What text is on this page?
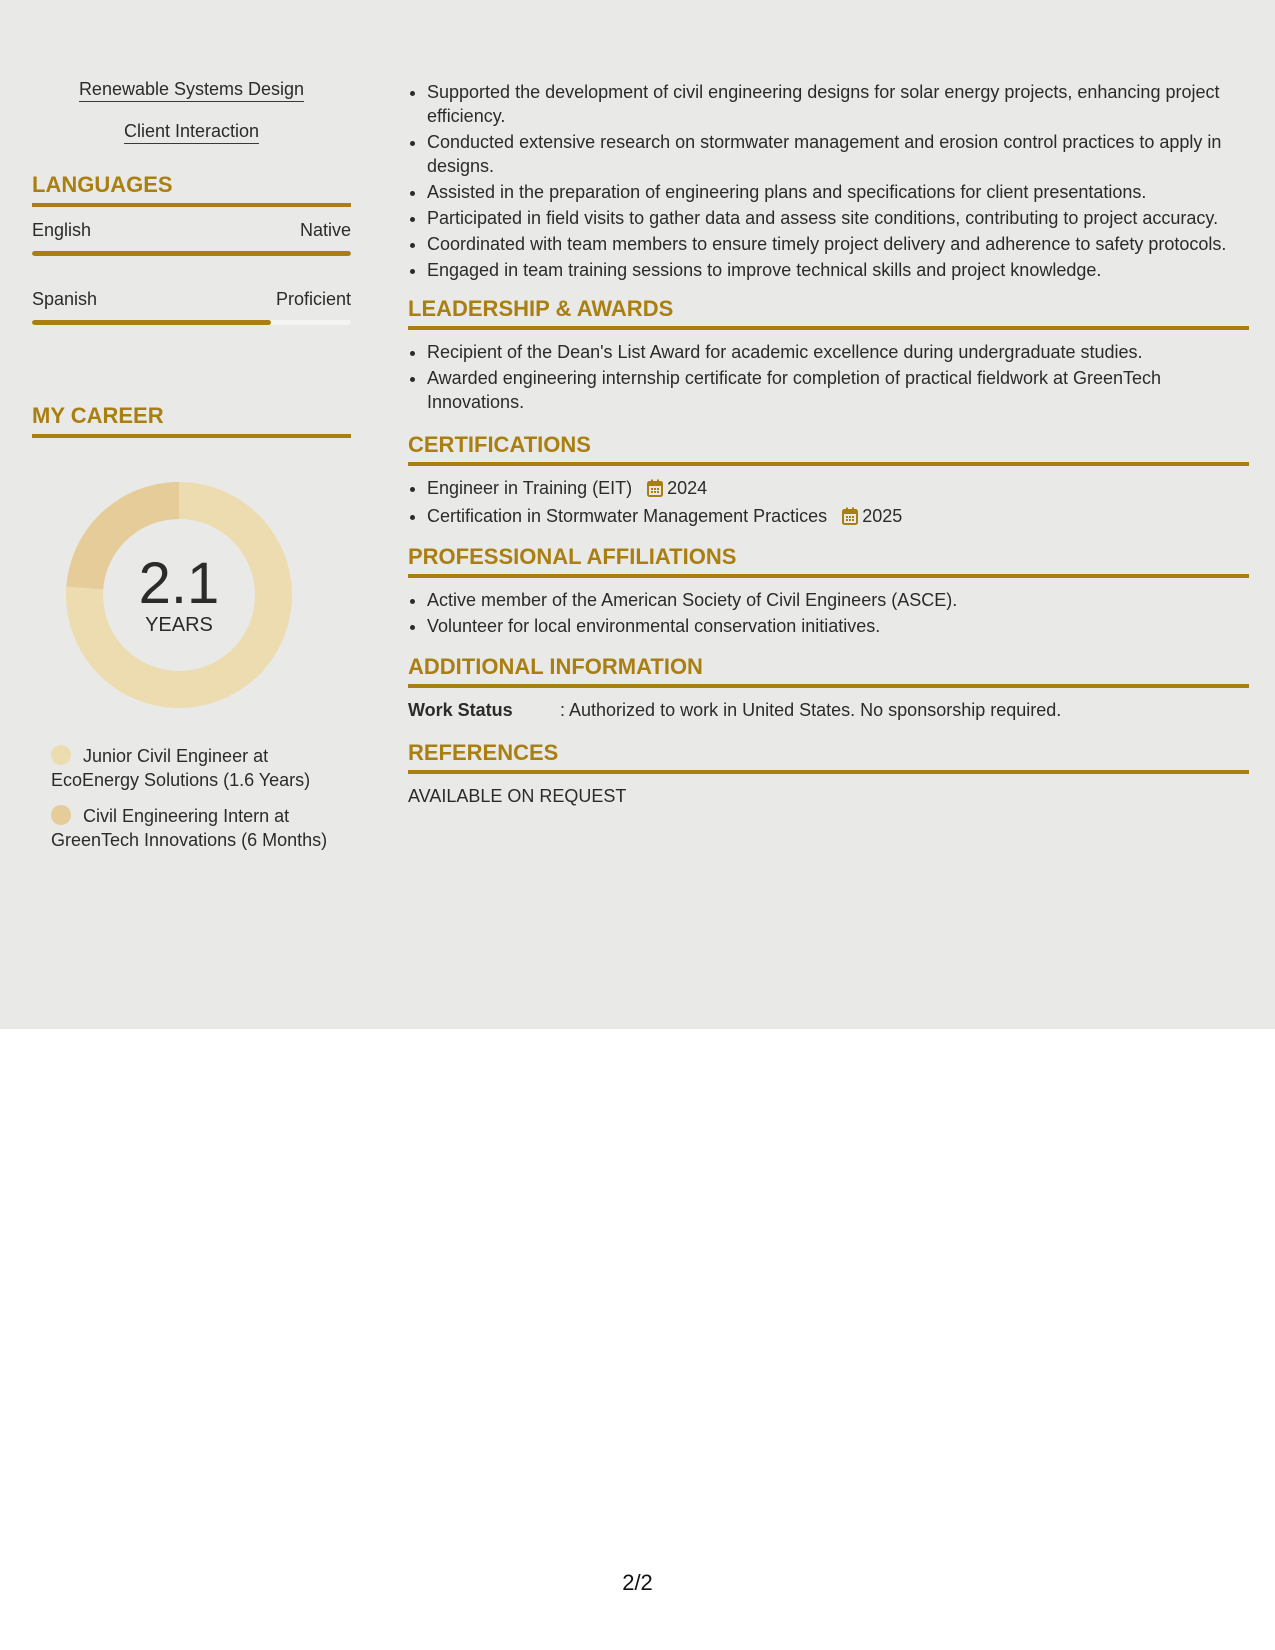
Renewable Systems Design
Client Interaction
LANGUAGES
English	Native
Spanish	Proficient
MY CAREER
2.1
YEARS
Junior Civil Engineer at EcoEnergy Solutions (1.6 Years)
Civil Engineering Intern at GreenTech Innovations (6 Months)
• Supported the development of civil engineering designs for solar energy projects, enhancing project efficiency.
• Conducted extensive research on stormwater management and erosion control practices to apply in designs.
• Assisted in the preparation of engineering plans and specifications for client presentations.
• Participated in field visits to gather data and assess site conditions, contributing to project accuracy.
• Coordinated with team members to ensure timely project delivery and adherence to safety protocols.
• Engaged in team training sessions to improve technical skills and project knowledge.
LEADERSHIP & AWARDS
• Recipient of the Dean's List Award for academic excellence during undergraduate studies.
• Awarded engineering internship certificate for completion of practical fieldwork at GreenTech Innovations.
CERTIFICATIONS
• Engineer in Training (EIT) 2024
• Certification in Stormwater Management Practices 2025
PROFESSIONAL AFFILIATIONS
• Active member of the American Society of Civil Engineers (ASCE).
• Volunteer for local environmental conservation initiatives.
ADDITIONAL INFORMATION
Work Status	: Authorized to work in United States. No sponsorship required.
REFERENCES
AVAILABLE ON REQUEST
2/2
